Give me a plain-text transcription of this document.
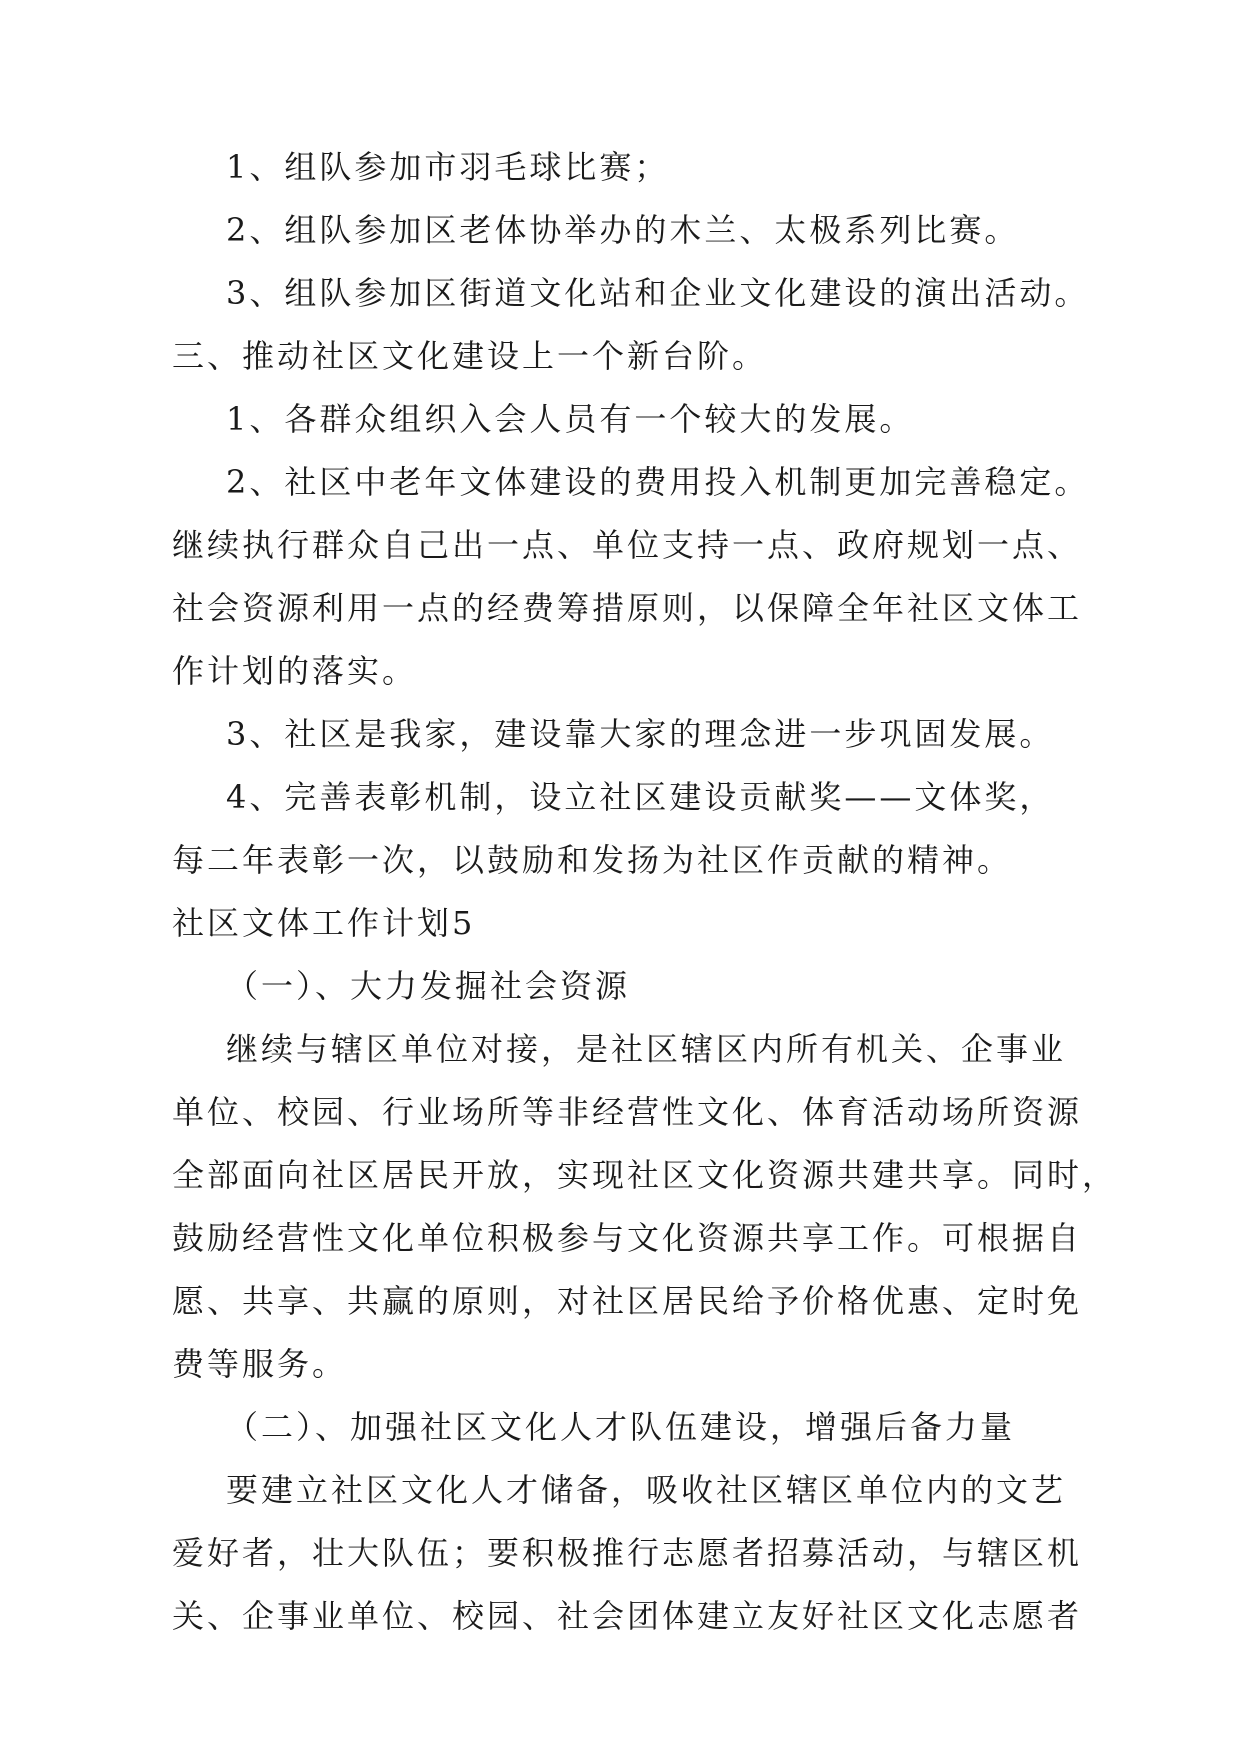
1、组队参加市羽毛球比赛；
2、组队参加区老体协举办的木兰、太极系列比赛。
3、组队参加区街道文化站和企业文化建设的演出活动。
三、推动社区文化建设上一个新台阶。
1、各群众组织入会人员有一个较大的发展。
2、社区中老年文体建设的费用投入机制更加完善稳定。
继续执行群众自己出一点、单位支持一点、政府规划一点、
社会资源利用一点的经费筹措原则，以保障全年社区文体工
作计划的落实。
3、社区是我家，建设靠大家的理念进一步巩固发展。
4、完善表彰机制，设立社区建设贡献奖——文体奖，
每二年表彰一次，以鼓励和发扬为社区作贡献的精神。
社区文体工作计划5
（一）、大力发掘社会资源
继续与辖区单位对接，是社区辖区内所有机关、企事业
单位、校园、行业场所等非经营性文化、体育活动场所资源
全部面向社区居民开放，实现社区文化资源共建共享。同时，
鼓励经营性文化单位积极参与文化资源共享工作。可根据自
愿、共享、共赢的原则，对社区居民给予价格优惠、定时免
费等服务。
（二）、加强社区文化人才队伍建设，增强后备力量
要建立社区文化人才储备，吸收社区辖区单位内的文艺
爱好者，壮大队伍；要积极推行志愿者招募活动，与辖区机
关、企事业单位、校园、社会团体建立友好社区文化志愿者
